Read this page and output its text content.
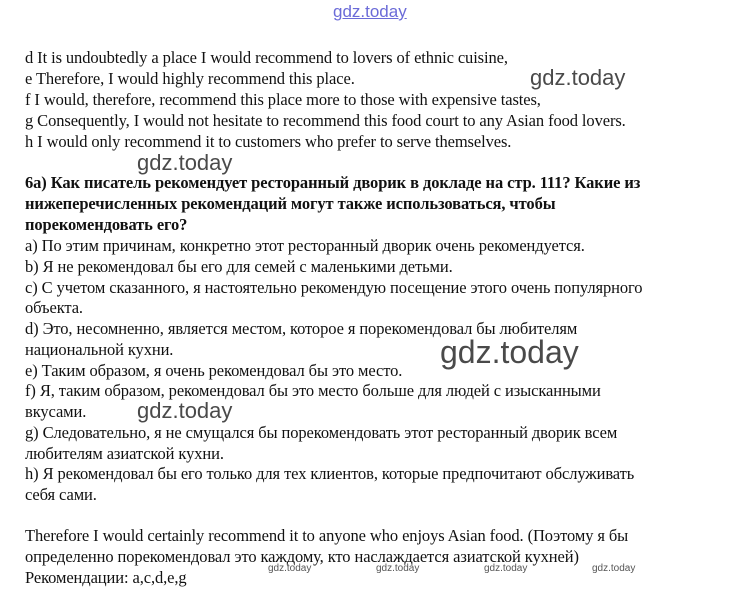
gdz.today
d It is undoubtedly a place I would recommend to lovers of ethnic cuisine,
e Therefore, I would highly recommend this place.
f I would, therefore, recommend this place more to those with expensive tastes,
g Consequently, I would not hesitate to recommend this food court to any Asian food lovers.
h I would only recommend it to customers who prefer to serve themselves.
gdz.today
gdz.today
6а) Как писатель рекомендует ресторанный дворик в докладе на стр. 111? Какие из
нижеперечисленных рекомендаций могут также использоваться, чтобы
порекомендовать его?
a) По этим причинам, конкретно этот ресторанный дворик очень рекомендуется.
b) Я не рекомендовал бы его для семей с маленькими детьми.
c) С учетом сказанного, я настоятельно рекомендую посещение этого очень популярного
объекта.
d) Это, несомненно, является местом, которое я порекомендовал бы любителям
национальной кухни.
e) Таким образом, я очень рекомендовал бы это место.
f) Я, таким образом, рекомендовал бы это место больше для людей с изысканными
вкусами.
g) Следовательно, я не смущался бы порекомендовать этот ресторанный дворик всем
любителям азиатской кухни.
h) Я рекомендовал бы его только для тех клиентов, которые предпочитают обслуживать
себя сами.
gdz.today
gdz.today
Therefore I would certainly recommend it to anyone who enjoys Asian food. (Поэтому я бы
определенно порекомендовал это каждому, кто наслаждается азиатской кухней)
Рекомендации: a,c,d,e,g	gdz.today	gdz.today	gdz.today	gdz.today
